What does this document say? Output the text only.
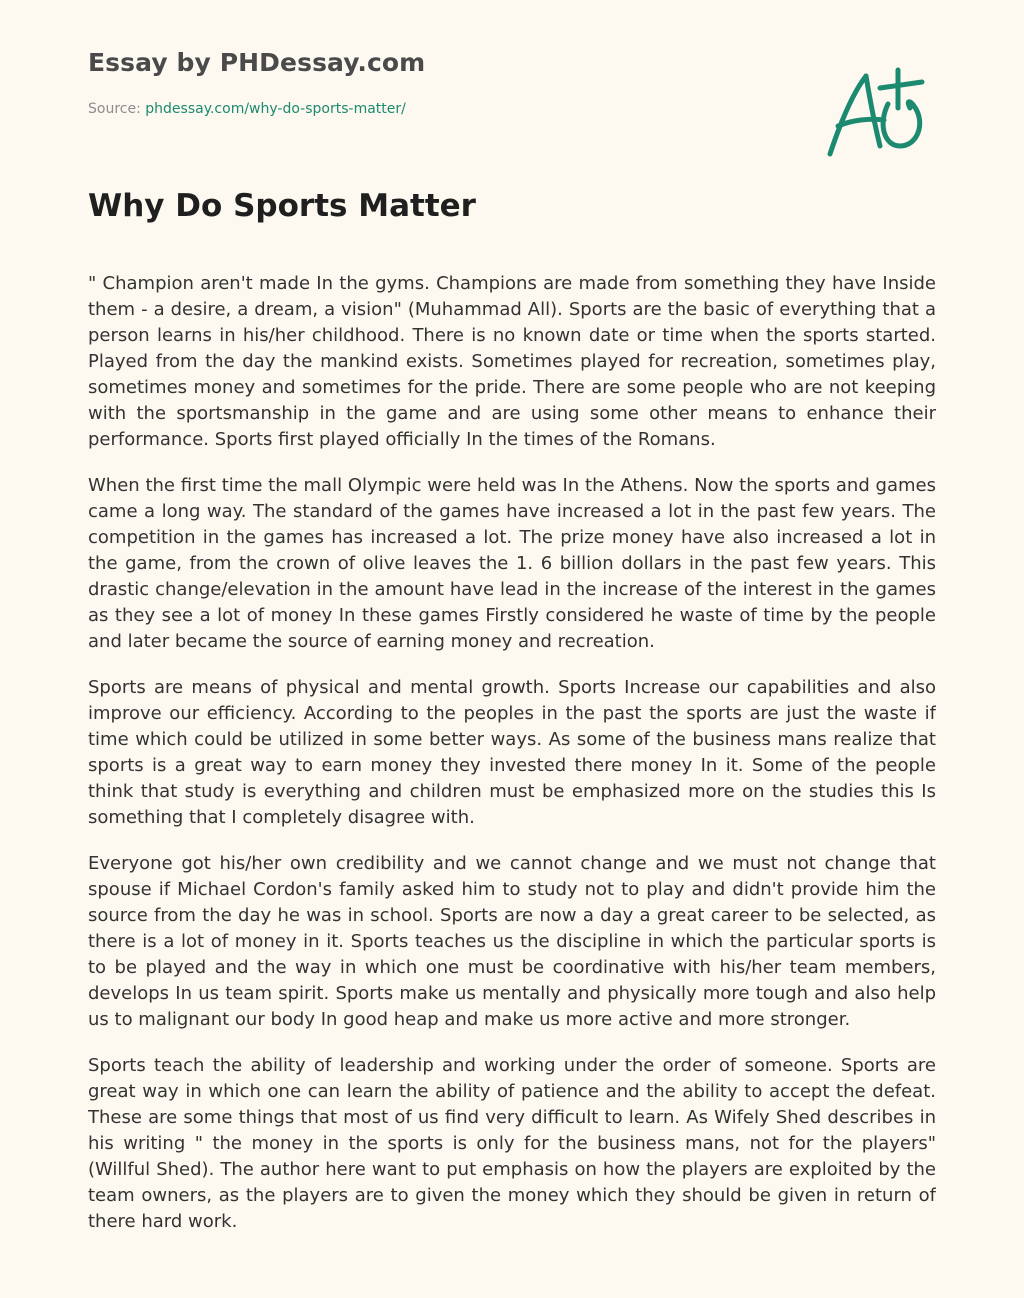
Essay by PHDessay.com
Source: phdessay.com/why-do-sports-matter/
Why Do Sports Matter

" Champion aren't made In the gyms. Champions are made from something they have Inside them - a desire, a dream, a vision" (Muhammad All). Sports are the basic of everything that a person learns in his/her childhood. There is no known date or time when the sports started. Played from the day the mankind exists. Sometimes played for recreation, sometimes play, sometimes money and sometimes for the pride. There are some people who are not keeping with the sportsmanship in the game and are using some other means to enhance their performance. Sports first played officially In the times of the Romans.

When the first time the mall Olympic were held was In the Athens. Now the sports and games came a long way. The standard of the games have increased a lot in the past few years. The competition in the games has increased a lot. The prize money have also increased a lot in the game, from the crown of olive leaves the 1. 6 billion dollars in the past few years. This drastic change/elevation in the amount have lead in the increase of the interest in the games as they see a lot of money In these games Firstly considered he waste of time by the people and later became the source of earning money and recreation.

Sports are means of physical and mental growth. Sports Increase our capabilities and also improve our efficiency. According to the peoples in the past the sports are just the waste if time which could be utilized in some better ways. As some of the business mans realize that sports is a great way to earn money they invested there money In it. Some of the people think that study is everything and children must be emphasized more on the studies this Is something that I completely disagree with.

Everyone got his/her own credibility and we cannot change and we must not change that spouse if Michael Cordon's family asked him to study not to play and didn't provide him the source from the day he was in school. Sports are now a day a great career to be selected, as there is a lot of money in it. Sports teaches us the discipline in which the particular sports is to be played and the way in which one must be coordinative with his/her team members, develops In us team spirit. Sports make us mentally and physically more tough and also help us to malignant our body In good heap and make us more active and more stronger.

Sports teach the ability of leadership and working under the order of someone. Sports are great way in which one can learn the ability of patience and the ability to accept the defeat. These are some things that most of us find very difficult to learn. As Wifely Shed describes in his writing " the money in the sports is only for the business mans, not for the players" (Willful Shed). The author here want to put emphasis on how the players are exploited by the team owners, as the players are to given the money which they should be given in return of there hard work.
